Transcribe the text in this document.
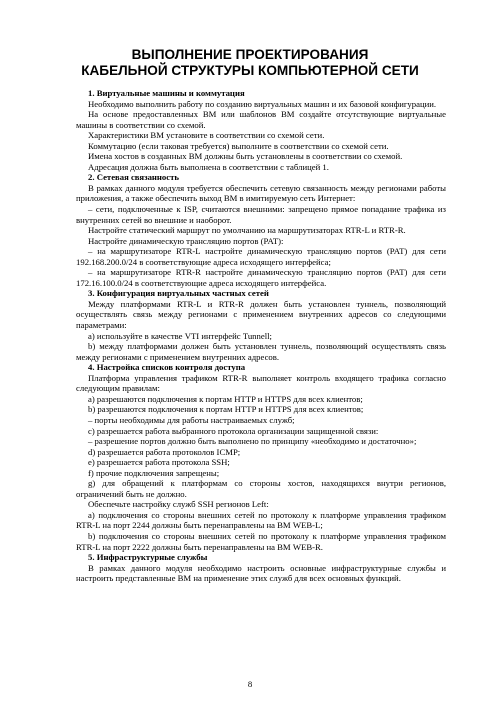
ВЫПОЛНЕНИЕ ПРОЕКТИРОВАНИЯ
КАБЕЛЬНОЙ СТРУКТУРЫ КОМПЬЮТЕРНОЙ СЕТИ

1. Виртуальные машины и коммутация

Необходимо выполнить работу по созданию виртуальных машин и их базовой конфигурации.

На основе предоставленных ВМ или шаблонов ВМ создайте отсутствующие виртуальные машины в соответствии со схемой.

Характеристики ВМ установите в соответствии со схемой сети.

Коммутацию (если таковая требуется) выполните в соответствии со схемой сети.

Имена хостов в созданных ВМ должны быть установлены в соответствии со схемой.

Адресация должна быть выполнена в соответствии с таблицей 1.

2. Сетевая связанность

В рамках данного модуля требуется обеспечить сетевую связанность между регионами работы приложения, а также обеспечить выход ВМ в имитируемую сеть Интернет:

– сети, подключенные к ISP, считаются внешними: запрещено прямое попадание трафика из внутренних сетей во внешние и наоборот.

Настройте статический маршрут по умолчанию на маршрутизаторах RTR-L и RTR-R.

Настройте динамическую трансляцию портов (PAT):

– на маршрутизаторе RTR-L настройте динамическую трансляцию портов (PAT) для сети 192.168.200.0/24 в соответствующие адреса исходящего интерфейса;

– на маршрутизаторе RTR-R настройте динамическую трансляцию портов (PAT) для сети 172.16.100.0/24 в соответствующие адреса исходящего интерфейса.

3. Конфигурация виртуальных частных сетей

Между платформами RTR-L и RTR-R должен быть установлен туннель, позволяющий осуществлять связь между регионами с применением внутренних адресов со следующими параметрами:

a) используйте в качестве VTI интерфейс Tunnell;

b) между платформами должен быть установлен туннель, позволяющий осуществлять связь между регионами с применением внутренних адресов.

4. Настройка списков контроля доступа

Платформа управления трафиком RTR-R выполняет контроль входящего трафика согласно следующим правилам:

a) разрешаются подключения к портам HTTP и HTTPS для всех клиентов;

b) разрешаются подключения к портам HTTP и HTTPS для всех клиентов;

– порты необходимы для работы настраиваемых служб;

c) разрешается работа выбранного протокола организации защищенной связи:

– разрешение портов должно быть выполнено по принципу «необходимо и достаточно»;

d) разрешается работа протоколов ICMP;

e) разрешается работа протокола SSH;

f) прочие подключения запрещены;

g) для обращений к платформам со стороны хостов, находящихся внутри регионов, ограничений быть не должно.

Обеспечьте настройку служб SSH регионов Left:

a) подключения со стороны внешних сетей по протоколу к платформе управления трафиком RTR-L на порт 2244 должны быть перенаправлены на ВМ WEB-L;

b) подключения со стороны внешних сетей по протоколу к платформе управления трафиком RTR-L на порт 2222 должны быть перенаправлены на ВМ WEB-R.

5. Инфраструктурные службы

В рамках данного модуля необходимо настроить основные инфраструктурные службы и настроить представленные ВМ на применение этих служб для всех основных функций.

8
